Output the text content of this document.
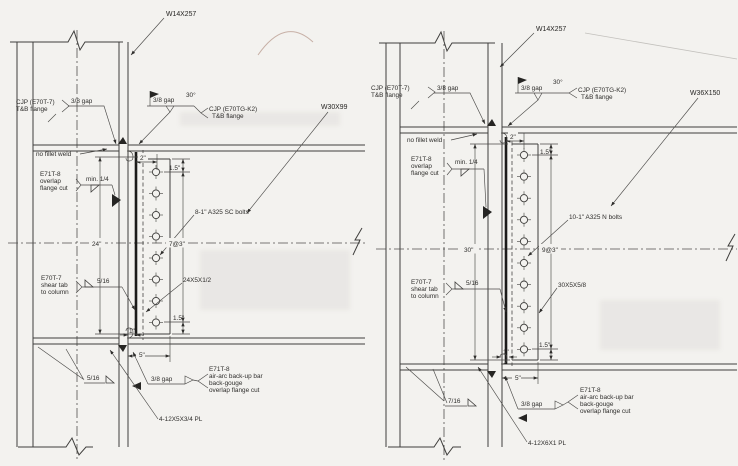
W14X257
CJP (E70T-7)
T&B flange
3/8 gap	3/8 gap
30°
CJP (E70TG-K2)
T&B flange
W30X99
no fillet weld
E71T-8
overlap
flange cut
min. 1/4
2"
1.5"
8-1" A325 SC bolts
24"	7@3"
E70T-7
shear tab
to column
5/16	24X5X1/2
1.5"
1"
5"
3/8 gap
E71T-8
air-arc back-up bar
back-gouge
overlap flange cut
5/16
4-12X5X3/4 PL
W14X257
CJP (E70T-7)
T&B flange
3/8 gap	3/8 gap
30°
CJP (E70TG-K2)
T&B flange
W36X150
no fillet weld
E71T-8
overlap
flange cut
min. 1/4
2"
1.5"
10-1" A325 N bolts
30"	9@3"
E70T-7
shear tab
to column
5/16	30X5X5/8
1.5"
1"
5"
3/8 gap
E71T-8
air-arc back-up bar
back-gouge
overlap flange cut
7/16
4-12X6X1 PL
